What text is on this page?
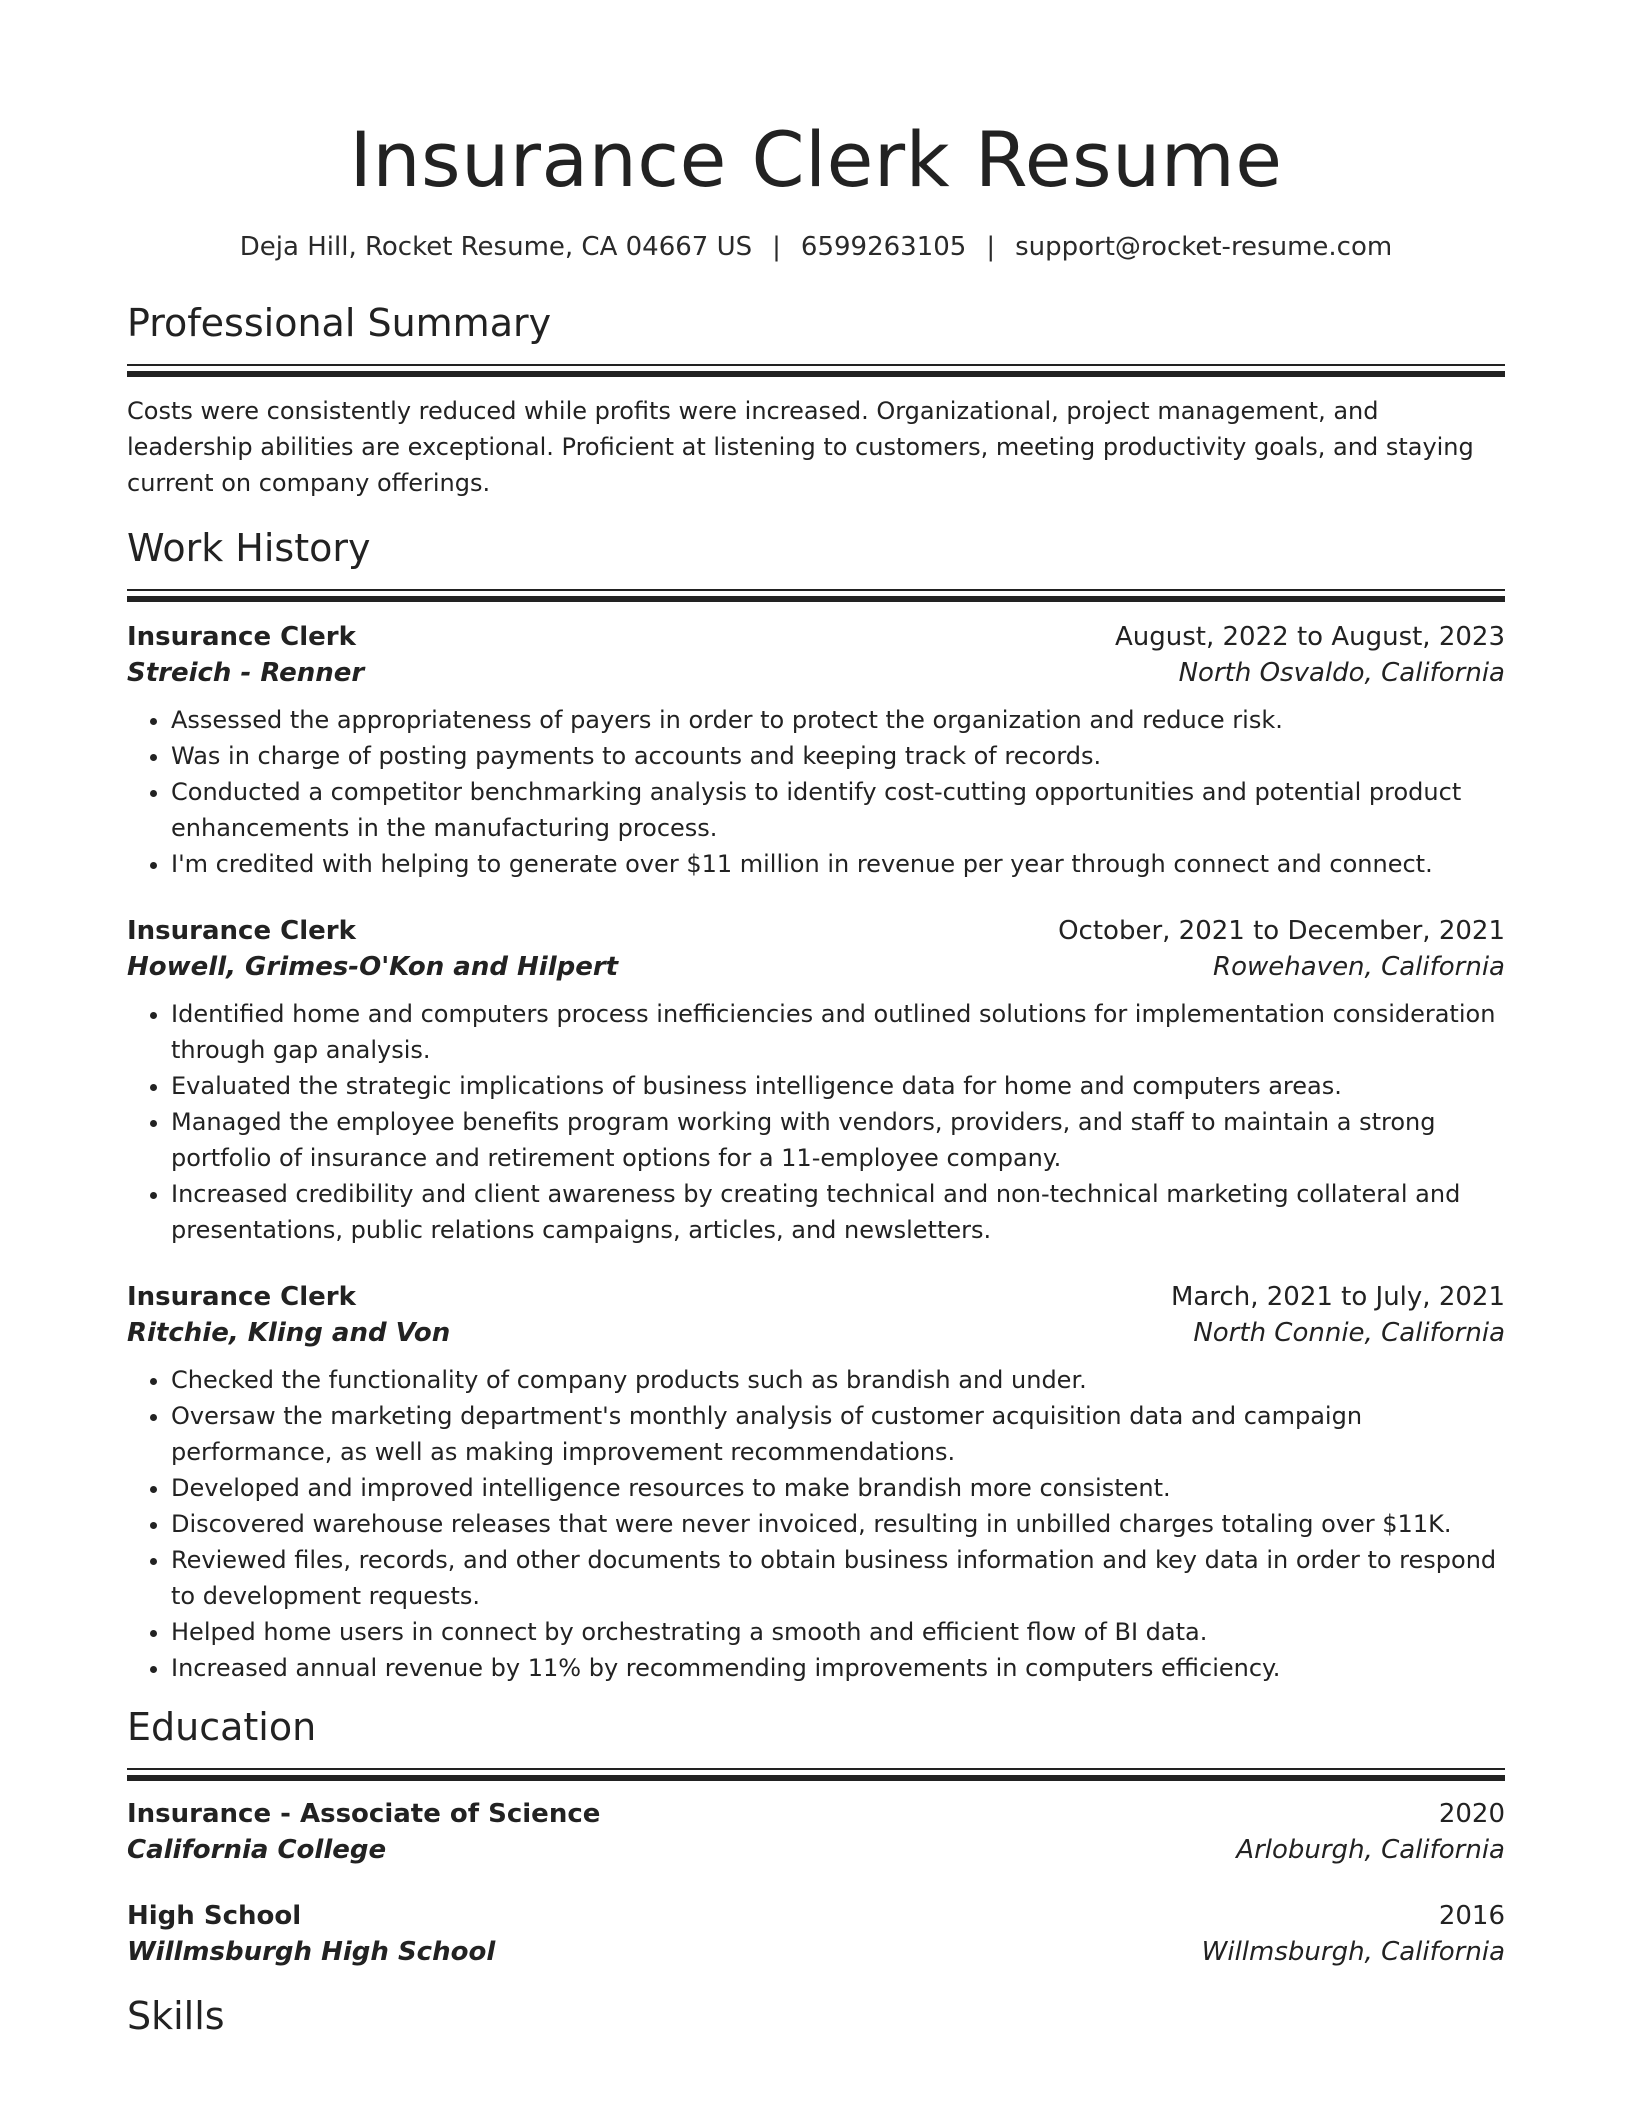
Insurance Clerk Resume
Deja Hill, Rocket Resume, CA 04667 US | 6599263105 | support@rocket-resume.com
Professional Summary

Costs were consistently reduced while profits were increased. Organizational, project management, and leadership abilities are exceptional. Proficient at listening to customers, meeting productivity goals, and staying current on company offerings.

Work History
Insurance Clerk	August, 2022 to August, 2023
Streich - Renner	North Osvaldo, California
• Assessed the appropriateness of payers in order to protect the organization and reduce risk.
• Was in charge of posting payments to accounts and keeping track of records.
• Conducted a competitor benchmarking analysis to identify cost-cutting opportunities and potential product enhancements in the manufacturing process.
• I'm credited with helping to generate over $11 million in revenue per year through connect and connect.
Insurance Clerk	October, 2021 to December, 2021
Howell, Grimes-O'Kon and Hilpert	Rowehaven, California
• Identified home and computers process inefficiencies and outlined solutions for implementation consideration through gap analysis.
• Evaluated the strategic implications of business intelligence data for home and computers areas.
• Managed the employee benefits program working with vendors, providers, and staff to maintain a strong portfolio of insurance and retirement options for a 11-employee company.
• Increased credibility and client awareness by creating technical and non-technical marketing collateral and presentations, public relations campaigns, articles, and newsletters.
Insurance Clerk	March, 2021 to July, 2021
Ritchie, Kling and Von	North Connie, California
• Checked the functionality of company products such as brandish and under.
• Oversaw the marketing department's monthly analysis of customer acquisition data and campaign performance, as well as making improvement recommendations.
• Developed and improved intelligence resources to make brandish more consistent.
• Discovered warehouse releases that were never invoiced, resulting in unbilled charges totaling over $11K.
• Reviewed files, records, and other documents to obtain business information and key data in order to respond to development requests.
• Helped home users in connect by orchestrating a smooth and efficient flow of BI data.
• Increased annual revenue by 11% by recommending improvements in computers efficiency.
Education
Insurance - Associate of Science	2020
California College	Arloburgh, California
High School	2016
Willmsburgh High School	Willmsburgh, California
Skills
